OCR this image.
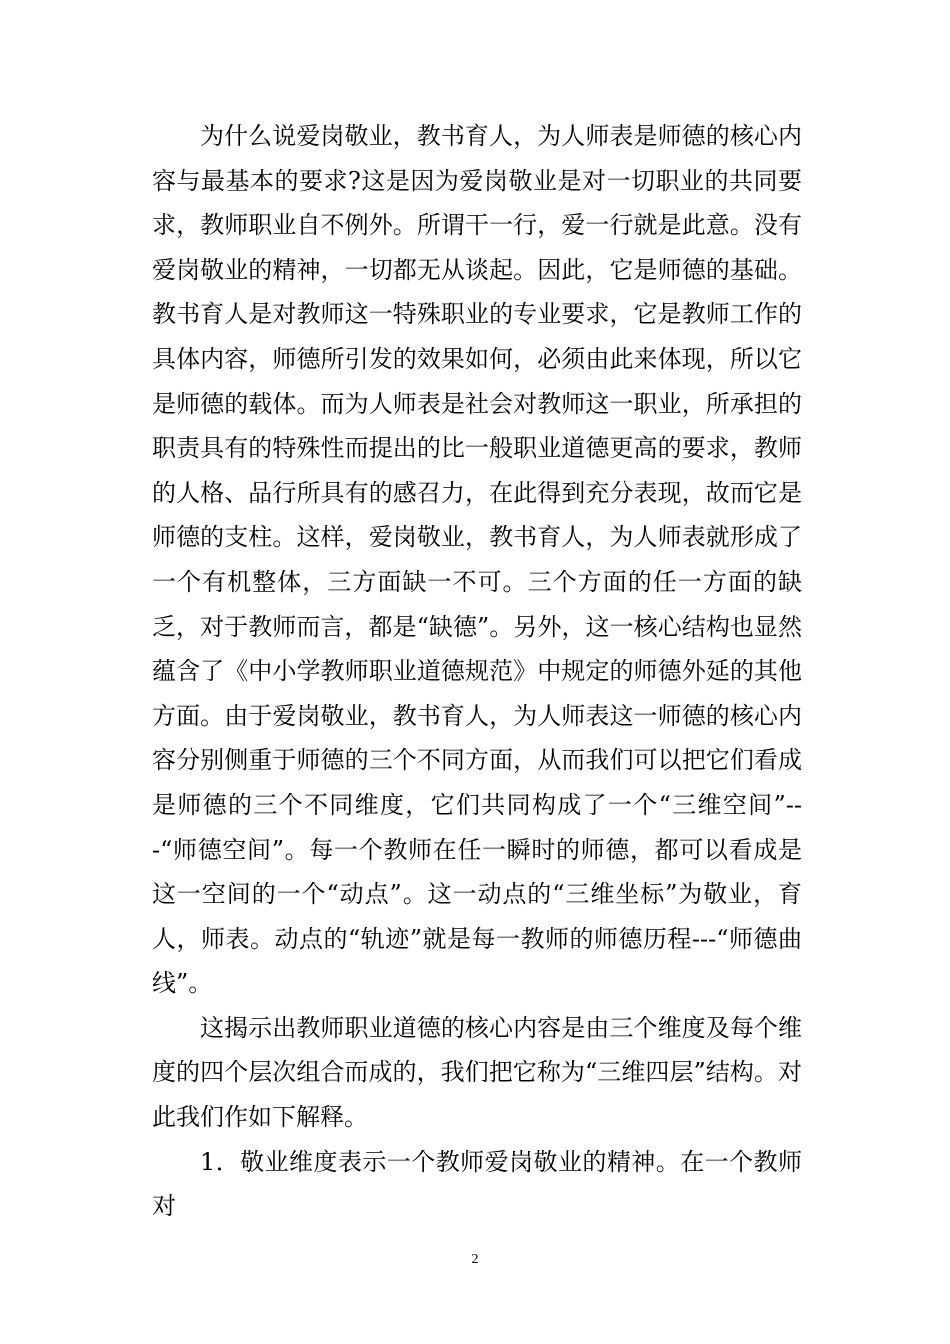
为什么说爱岗敬业，教书育人，为人师表是师德的核心内容与最基本的要求?这是因为爱岗敬业是对一切职业的共同要求，教师职业自不例外。所谓干一行，爱一行就是此意。没有爱岗敬业的精神，一切都无从谈起。因此，它是师德的基础。教书育人是对教师这一特殊职业的专业要求，它是教师工作的具体内容，师德所引发的效果如何，必须由此来体现，所以它是师德的载体。而为人师表是社会对教师这一职业，所承担的职责具有的特殊性而提出的比一般职业道德更高的要求，教师的人格、品行所具有的感召力，在此得到充分表现，故而它是师德的支柱。这样，爱岗敬业，教书育人，为人师表就形成了一个有机整体，三方面缺一不可。三个方面的任一方面的缺乏，对于教师而言，都是“缺德”。另外，这一核心结构也显然蕴含了《中小学教师职业道德规范》中规定的师德外延的其他方面。由于爱岗敬业，教书育人，为人师表这一师德的核心内容分别侧重于师德的三个不同方面，从而我们可以把它们看成是师德的三个不同维度，它们共同构成了一个“三维空间”---“师德空间”。每一个教师在任一瞬时的师德，都可以看成是这一空间的一个“动点”。这一动点的“三维坐标”为敬业，育人，师表。动点的“轨迹”就是每一教师的师德历程---“师德曲线”。

这揭示出教师职业道德的核心内容是由三个维度及每个维度的四个层次组合而成的，我们把它称为“三维四层”结构。对此我们作如下解释。

1．敬业维度表示一个教师爱岗敬业的精神。在一个教师对

2
